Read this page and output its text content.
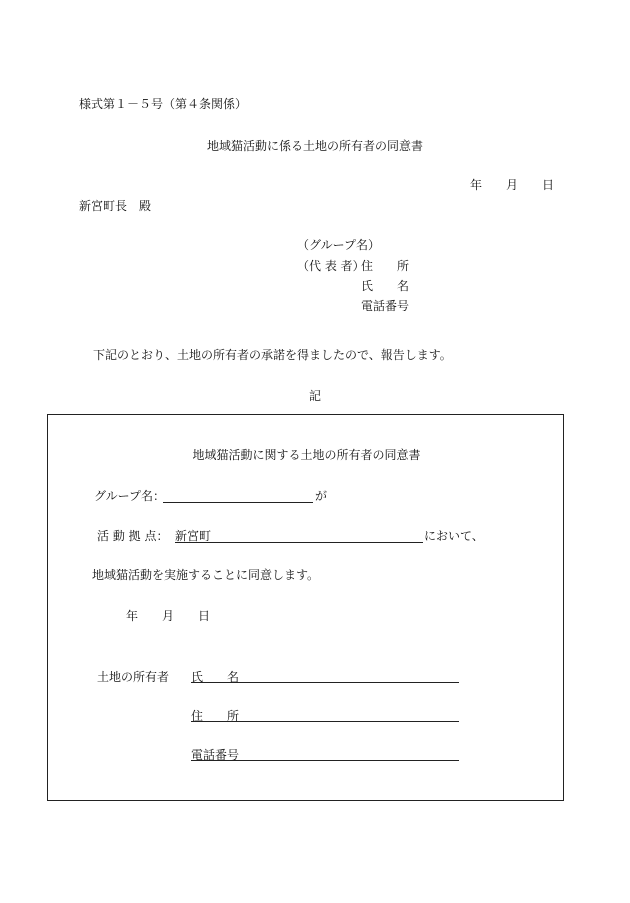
様式第１－５号（第４条関係）
地域猫活動に係る土地の所有者の同意書
年 月 日
新宮町長　殿
（グループ名）
（代 表 者）
住　　所
氏　　名
電話番号
下記のとおり、土地の所有者の承諾を得ましたので、報告します。
記
地域猫活動に関する土地の所有者の同意書
グループ名：	が
活 動 拠 点： 新宮町	において、
地域猫活動を実施することに同意します。
年　　月　　日
土地の所有者 氏　　名
住　　所
電話番号
